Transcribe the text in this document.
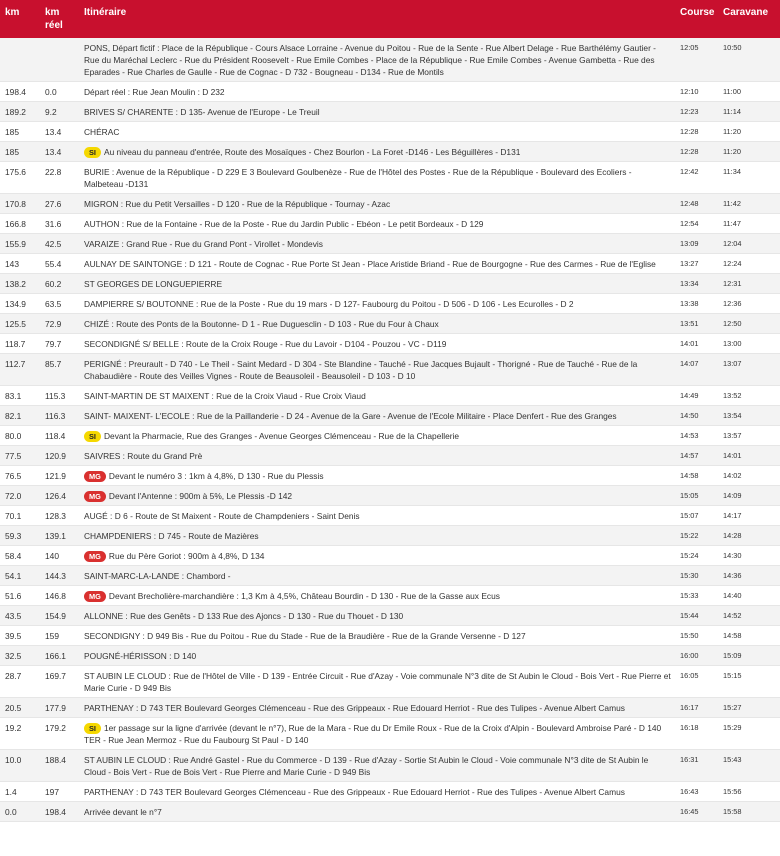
km	km réel	Itinéraire	Course	Caravane
		PONS, Départ fictif : Place de la République - Cours Alsace Lorraine - Avenue du Poitou - Rue de la Sente - Rue Albert Delage - Rue Barthélémy Gautier - Rue du Maréchal Leclerc - Rue du Président Roosevelt - Rue Emile Combes - Place de la République - Rue Emile Combes - Avenue Gambetta - Rue des Eparades - Rue Charles de Gaulle - Rue de Cognac - D 732 - Bougneau - D134 - Rue de Montils	12:05	10:50
198.4	0.0	Départ réel : Rue Jean Moulin : D 232	12:10	11:00
189.2	9.2	BRIVES S/ CHARENTE : D 135- Avenue de l'Europe - Le Treuil	12:23	11:14
185	13.4	CHÉRAC	12:28	11:20
185	13.4	SI Au niveau du panneau d'entrée, Route des Mosaïques - Chez Bourlon - La Foret -D146 - Les Béguillères - D131	12:28	11:20
175.6	22.8	BURIE : Avenue de la République - D 229 E 3 Boulevard Goulbenèze - Rue de l'Hôtel des Postes - Rue de la République - Boulevard des Ecoliers - Malbeteau -D131	12:42	11:34
170.8	27.6	MIGRON : Rue du Petit Versailles - D 120 - Rue de la République - Tournay - Azac	12:48	11:42
166.8	31.6	AUTHON : Rue de la Fontaine - Rue de la Poste - Rue du Jardin Public - Ebéon - Le petit Bordeaux - D 129	12:54	11:47
155.9	42.5	VARAIZE : Grand Rue - Rue du Grand Pont - Virollet - Mondevis	13:09	12:04
143	55.4	AULNAY DE SAINTONGE : D 121 - Route de Cognac - Rue Porte St Jean - Place Aristide Briand - Rue de Bourgogne - Rue des Carmes - Rue de l'Eglise	13:27	12:24
138.2	60.2	ST GEORGES DE LONGUEPIERRE	13:34	12:31
134.9	63.5	DAMPIERRE S/ BOUTONNE : Rue de la Poste - Rue du 19 mars - D 127- Faubourg du Poitou - D 506 - D 106 - Les Ecurolles - D 2	13:38	12:36
125.5	72.9	CHIZÉ : Route des Ponts de la Boutonne- D 1 - Rue Duguesclin - D 103 - Rue du Four à Chaux	13:51	12:50
118.7	79.7	SECONDIGNÉ S/ BELLE : Route de la Croix Rouge - Rue du Lavoir - D104 - Pouzou - VC - D119	14:01	13:00
112.7	85.7	PERIGNÉ : Preurault - D 740 - Le Theil - Saint Medard - D 304 - Ste Blandine - Tauché - Rue Jacques Bujault - Thorigné - Rue de Tauché - Rue de la Chabaudière - Route des Veilles Vignes - Route de Beausoleil - Beausoleil - D 103 - D 10	14:07	13:07
83.1	115.3	SAINT-MARTIN DE ST MAIXENT : Rue de la Croix Viaud - Rue Croix Viaud	14:49	13:52
82.1	116.3	SAINT- MAIXENT- L'ECOLE : Rue de la Paillanderie - D 24 - Avenue de la Gare - Avenue de l'Ecole Militaire - Place Denfert - Rue des Granges	14:50	13:54
80.0	118.4	SI Devant la Pharmacie, Rue des Granges - Avenue Georges Clémenceau - Rue de la Chapellerie	14:53	13:57
77.5	120.9	SAIVRES : Route du Grand Prè	14:57	14:01
76.5	121.9	MG Devant le numéro 3 : 1km à 4,8%, D 130 - Rue du Plessis	14:58	14:02
72.0	126.4	MG Devant l'Antenne : 900m à 5%, Le Plessis -D 142	15:05	14:09
70.1	128.3	AUGÉ : D 6 - Route de St Maixent - Route de Champdeniers - Saint Denis	15:07	14:17
59.3	139.1	CHAMPDENIERS : D 745 - Route de Mazières	15:22	14:28
58.4	140	MG Rue du Père Goriot : 900m à 4,8%, D 134	15:24	14:30
54.1	144.3	SAINT-MARC-LA-LANDE : Chambord -	15:30	14:36
51.6	146.8	MG Devant Brecholière-marchandière : 1,3 Km à 4,5%, Château Bourdin - D 130 - Rue de la Gasse aux Ecus	15:33	14:40
43.5	154.9	ALLONNE : Rue des Genêts - D 133 Rue des Ajoncs - D 130 - Rue du Thouet - D 130	15:44	14:52
39.5	159	SECONDIGNY : D 949 Bis - Rue du Poitou - Rue du Stade - Rue de la Braudière - Rue de la Grande Versenne - D 127	15:50	14:58
32.5	166.1	POUGNÉ-HÉRISSON : D 140	16:00	15:09
28.7	169.7	ST AUBIN LE CLOUD : Rue de l'Hôtel de Ville - D 139 - Entrée Circuit - Rue d'Azay - Voie communale N°3 dite de St Aubin le Cloud - Bois Vert - Rue Pierre et Marie Curie - D 949 Bis	16:05	15:15
20.5	177.9	PARTHENAY : D 743 TER Boulevard Georges Clémenceau - Rue des Grippeaux - Rue Edouard Herriot - Rue des Tulipes - Avenue Albert Camus	16:17	15:27
19.2	179.2	SI 1er passage sur la ligne d'arrivée (devant le n°7), Rue de la Mara - Rue du Dr Emile Roux - Rue de la Croix d'Alpin - Boulevard Ambroise Paré - D 140 TER - Rue Jean Mermoz - Rue du Faubourg St Paul - D 140	16:18	15:29
10.0	188.4	ST AUBIN LE CLOUD : Rue André Gastel - Rue du Commerce - D 139 - Rue d'Azay - Sortie St Aubin le Cloud - Voie communale N°3 dite de St Aubin le Cloud - Bois Vert - Rue de Bois Vert - Rue Pierre and Marie Curie - D 949 Bis	16:31	15:43
1.4	197	PARTHENAY : D 743 TER Boulevard Georges Clémenceau - Rue des Grippeaux - Rue Edouard Herriot - Rue des Tulipes - Avenue Albert Camus	16:43	15:56
0.0	198.4	Arrivée devant le n°7	16:45	15:58
